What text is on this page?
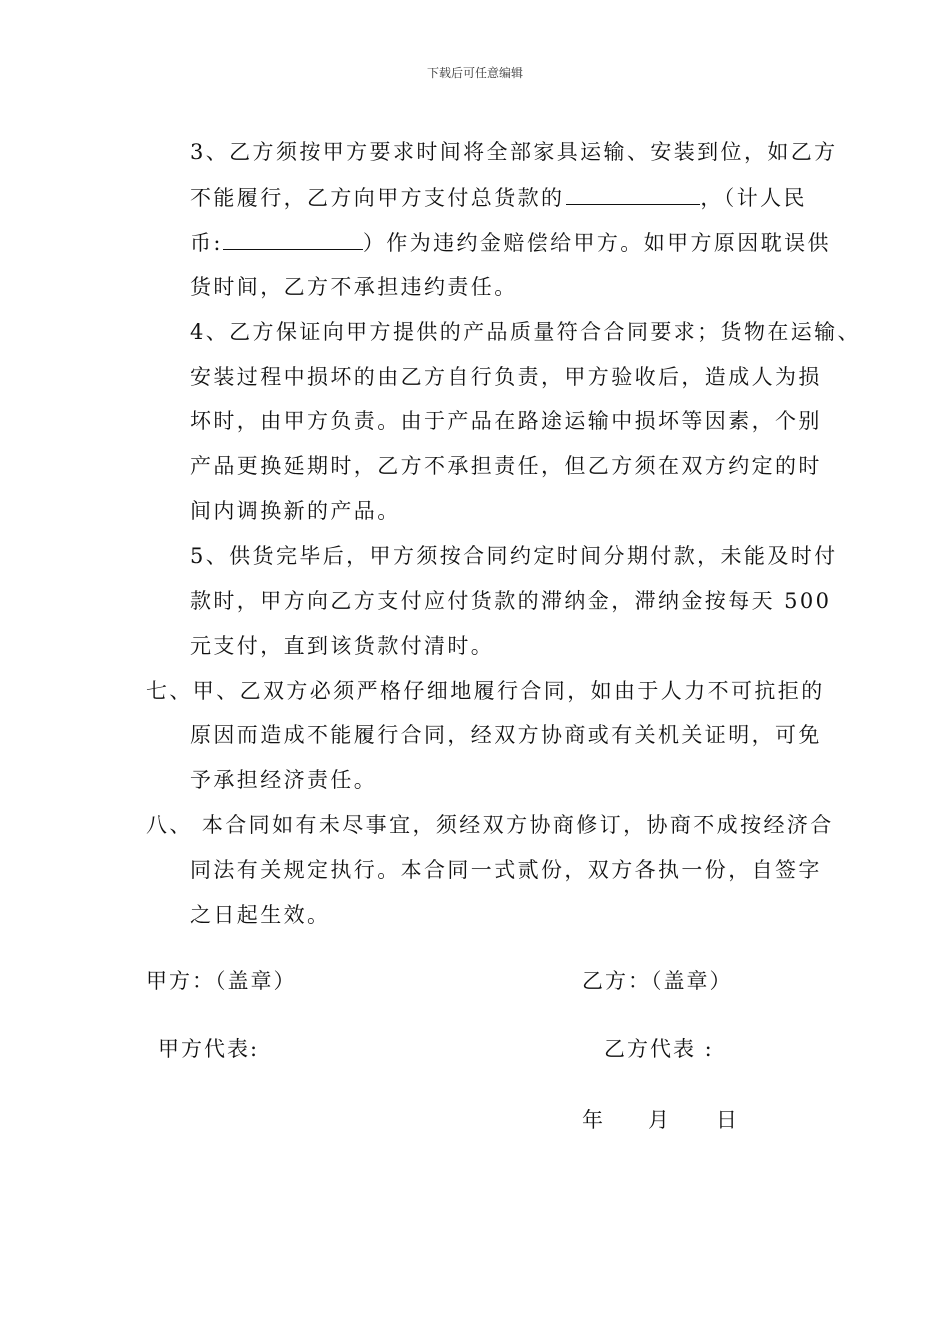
下载后可任意编辑
3、乙方须按甲方要求时间将全部家具运输、安装到位，如乙方
不能履行，乙方向甲方支付总货款的	，（计人民
币:	）作为违约金赔偿给甲方。如甲方原因耽误供
货时间，乙方不承担违约责任。
4、乙方保证向甲方提供的产品质量符合合同要求；货物在运输、
安装过程中损坏的由乙方自行负责，甲方验收后，造成人为损
坏时，由甲方负责。由于产品在路途运输中损坏等因素，个别
产品更换延期时，乙方不承担责任，但乙方须在双方约定的时
间内调换新的产品。
5、供货完毕后，甲方须按合同约定时间分期付款，未能及时付
款时，甲方向乙方支付应付货款的滞纳金，滞纳金按每天 500
元支付，直到该货款付清时。
七、甲、乙双方必须严格仔细地履行合同，如由于人力不可抗拒的
原因而造成不能履行合同，经双方协商或有关机关证明，可免
予承担经济责任。
八、 本合同如有未尽事宜，须经双方协商修订，协商不成按经济合
同法有关规定执行。本合同一式贰份，双方各执一份，自签字
之日起生效。
甲方：（盖章）	乙方：（盖章）
甲方代表:	乙方代表 :
年 月 日
